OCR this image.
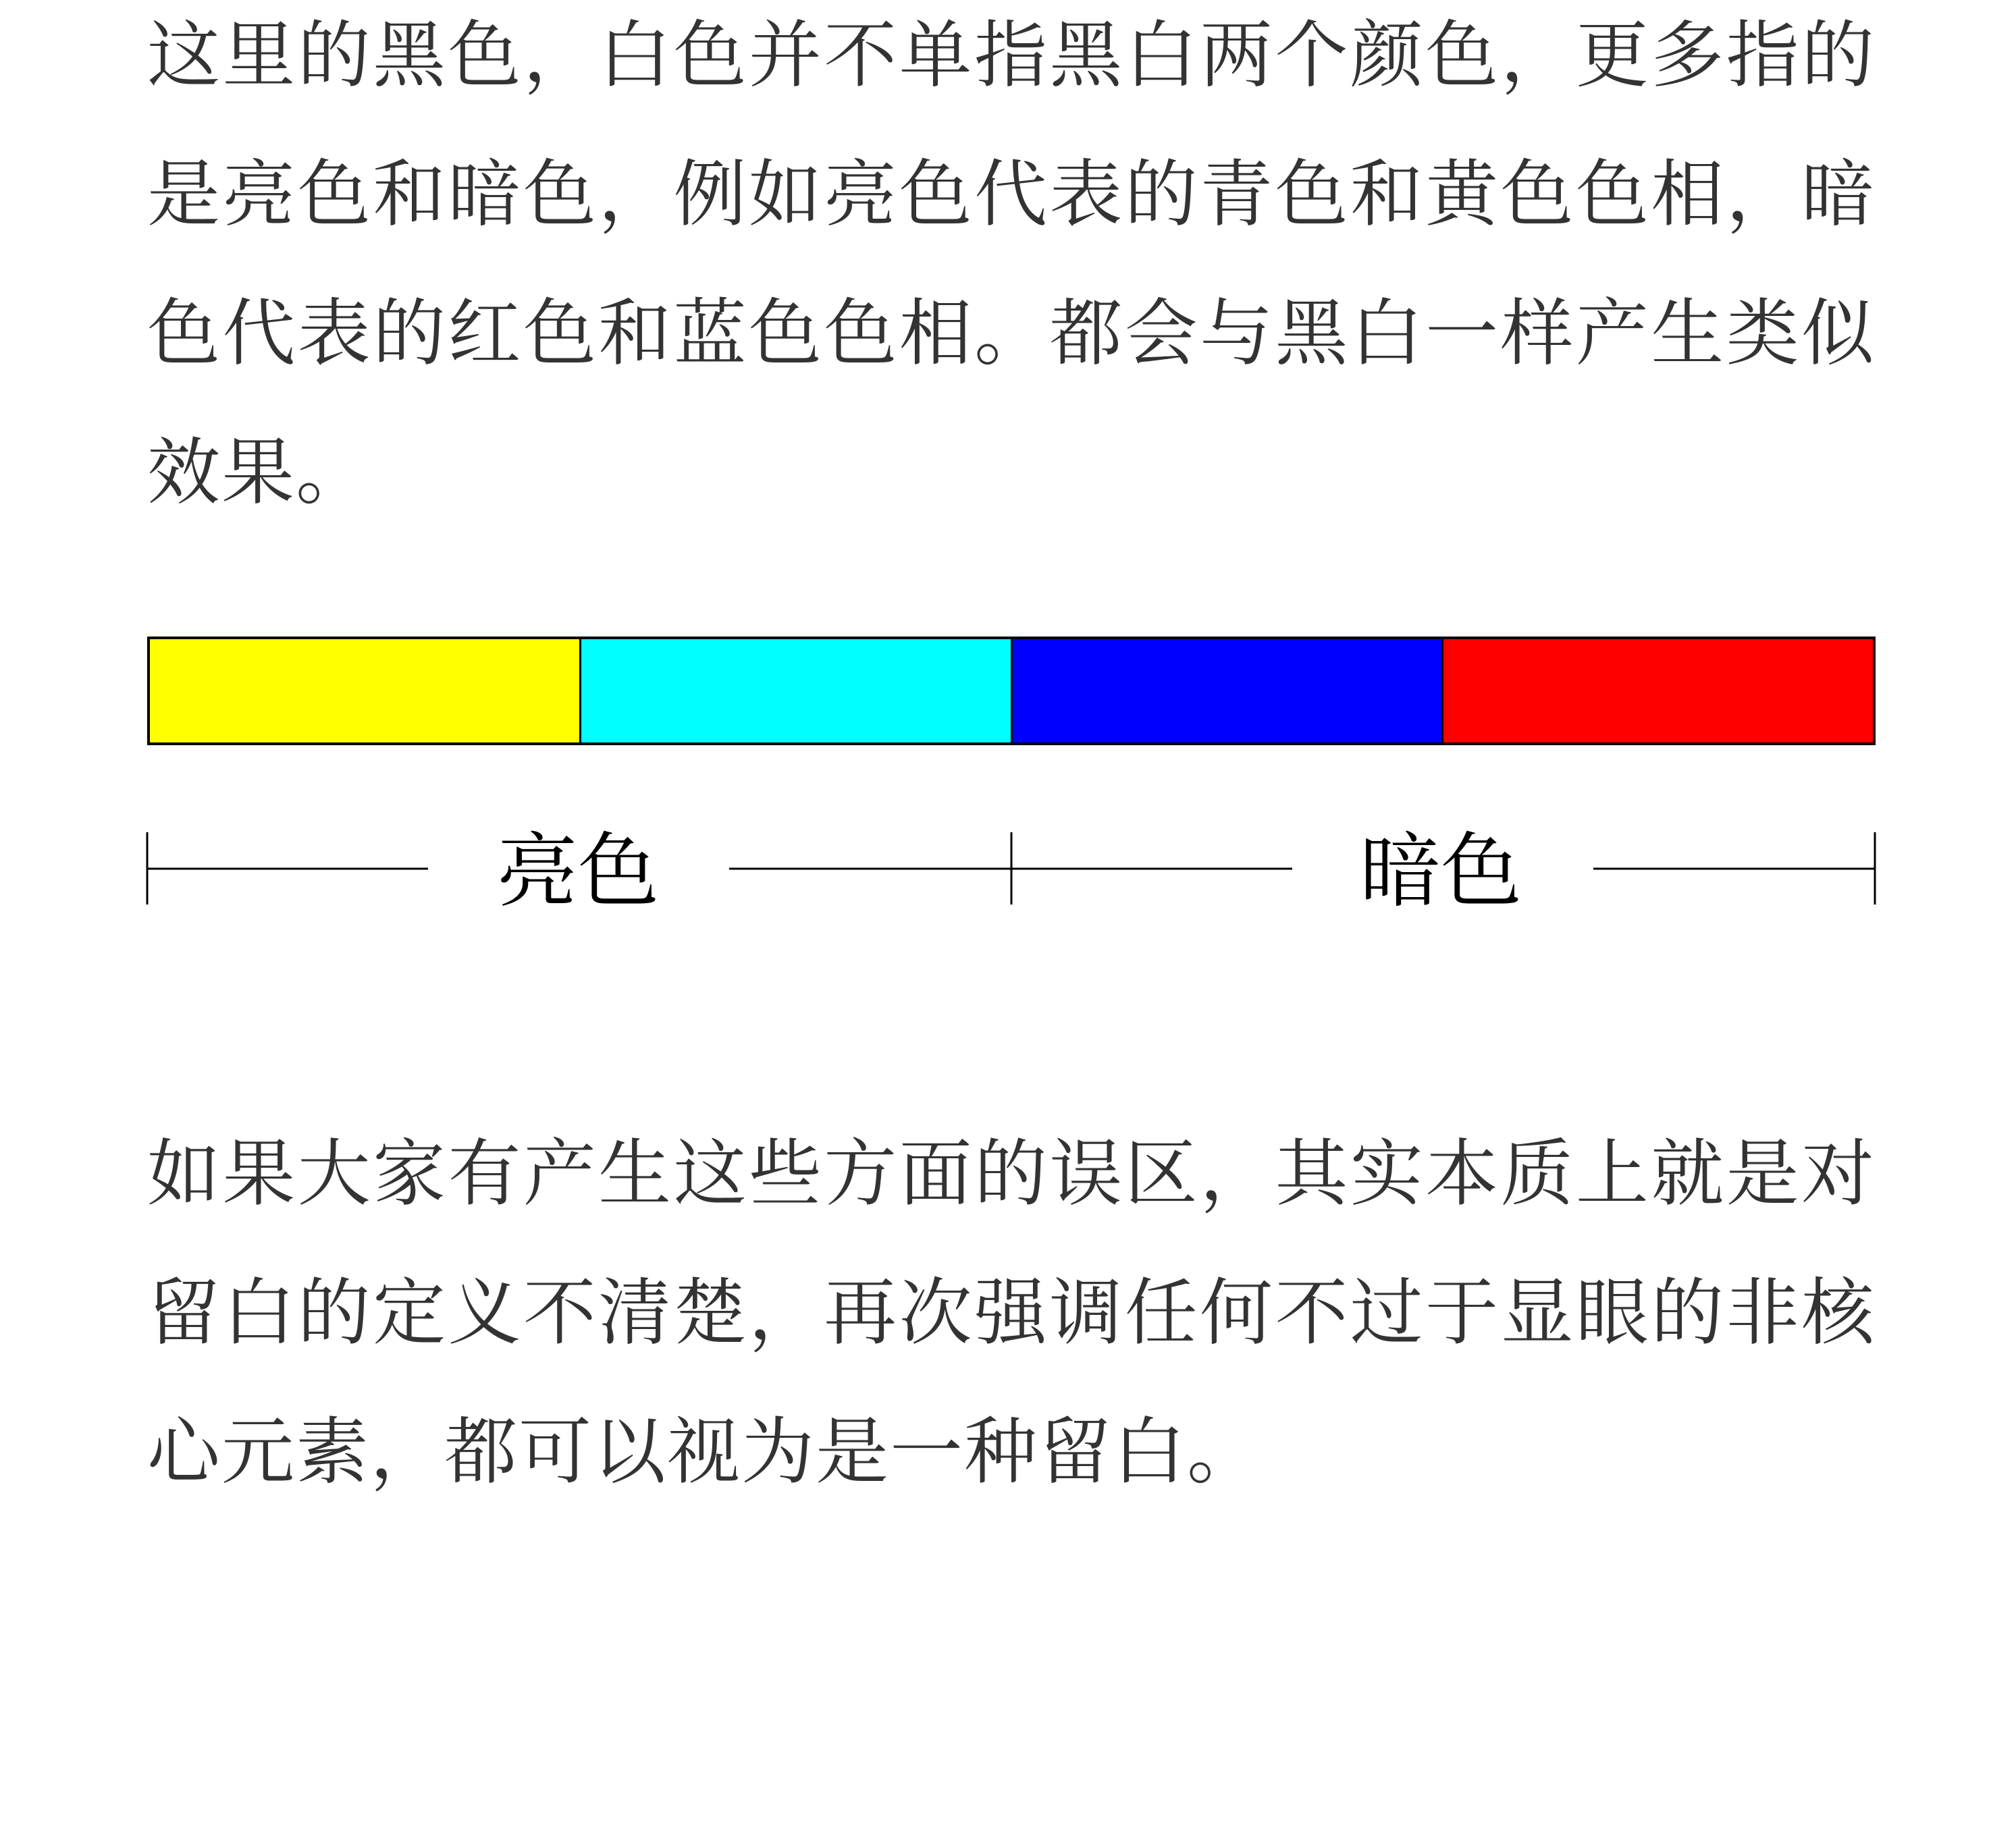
这里的黑色，白色并不单指黑白两个颜色，更多指的是亮色和暗色，例如亮色代表的青色和黄色色相，暗色代表的红色和蓝色色相。都会与黑白一样产生类似效果。

亮色	暗色

如果大家有产生这些方面的误区，其实本质上就是对留白的定义不清楚，再次强调任何不过于显眼的非核心元素，都可以视为是一种留白。
